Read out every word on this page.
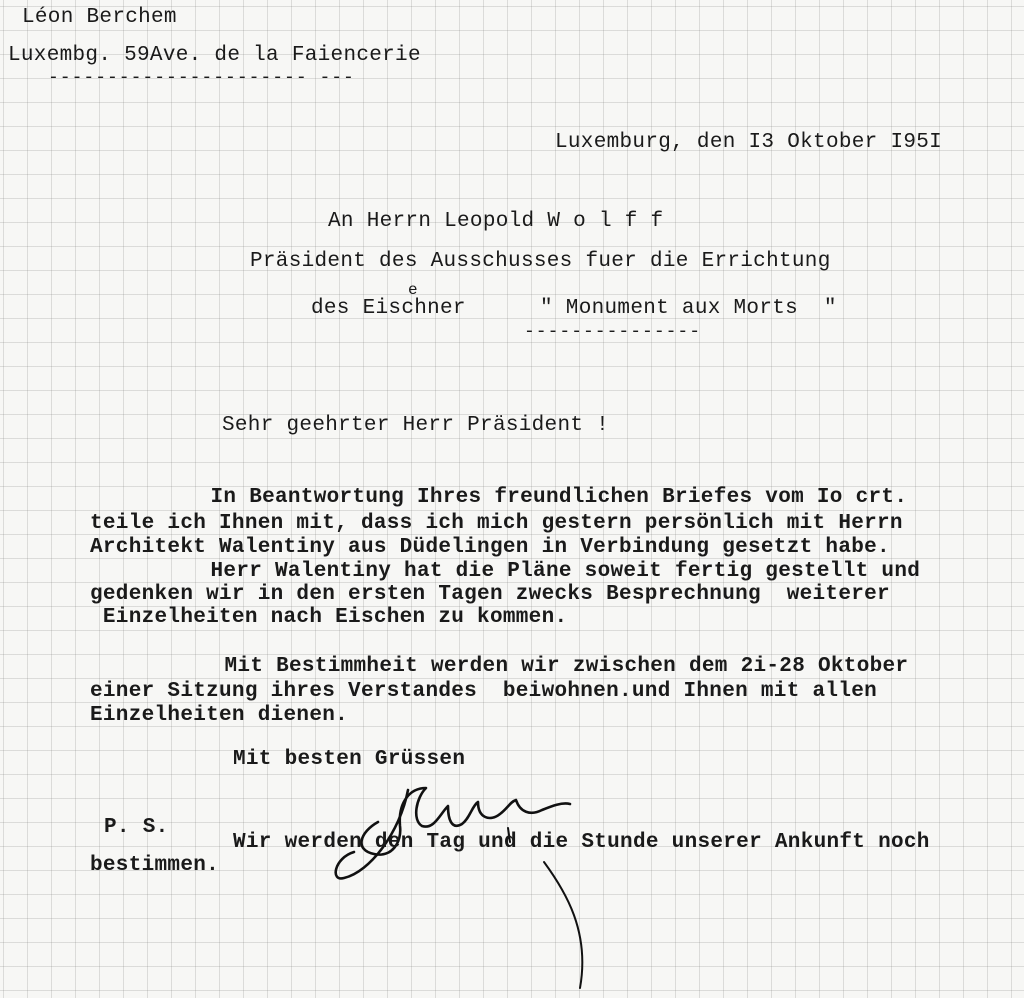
Léon Berchem
Luxembg. 59Ave. de la Faiencerie
---------------------- ---
Luxemburg, den I3 Oktober I95I
An Herrn Leopold W o l f f
Präsident des Ausschusses fuer die Errichtung
e
des Eischner	" Monument aux Morts  "
---------------
Sehr geehrter Herr Präsident !
In Beantwortung Ihres freundlichen Briefes vom Io crt.
teile ich Ihnen mit, dass ich mich gestern persönlich mit Herrn
Architekt Walentiny aus Düdelingen in Verbindung gesetzt habe.
Herr Walentiny hat die Pläne soweit fertig gestellt und
gedenken wir in den ersten Tagen zwecks Besprechnung  weiterer
Einzelheiten nach Eischen zu kommen.
Mit Bestimmheit werden wir zwischen dem 2i-28 Oktober
einer Sitzung ihres Verstandes  beiwohnen.und Ihnen mit allen
Einzelheiten dienen.
Mit besten Grüssen
P. S.
Wir werden den Tag und die Stunde unserer Ankunft noch
bestimmen.
